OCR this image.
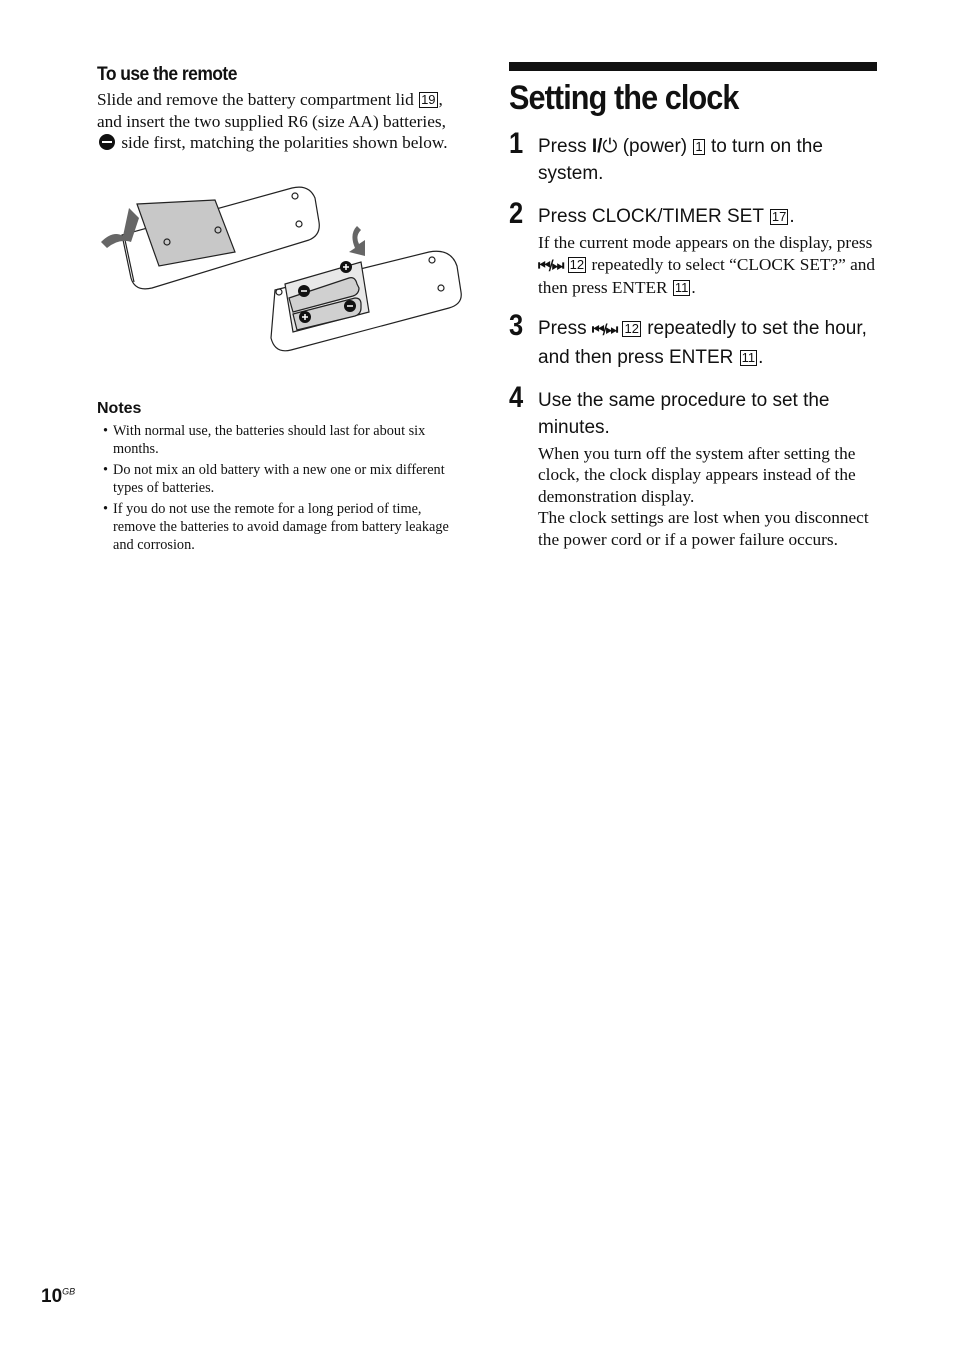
To use the remote

Slide and remove the battery compartment lid 19 , and insert the two supplied R6 (size AA) batteries,  side first, matching the polarities shown below.

Notes

• With normal use, the batteries should last for about six months.
• Do not mix an old battery with a new one or mix different types of batteries.
• If you do not use the remote for a long period of time, remove the batteries to avoid damage from battery leakage and corrosion.
Setting the clock
1 Press I/⏻ (power) 1 to turn on the system.

2 Press CLOCK/TIMER SET 17 .

If the current mode appears on the display, press ⏮/⏭ 12 repeatedly to select “CLOCK SET?” and then press ENTER 11 .

3 Press ⏮/⏭ 12 repeatedly to set the hour, and then press ENTER 11 .

4 Use the same procedure to set the minutes.

When you turn off the system after setting the clock, the clock display appears instead of the demonstration display.

The clock settings are lost when you disconnect the power cord or if a power failure occurs.

$10^{GB}$
